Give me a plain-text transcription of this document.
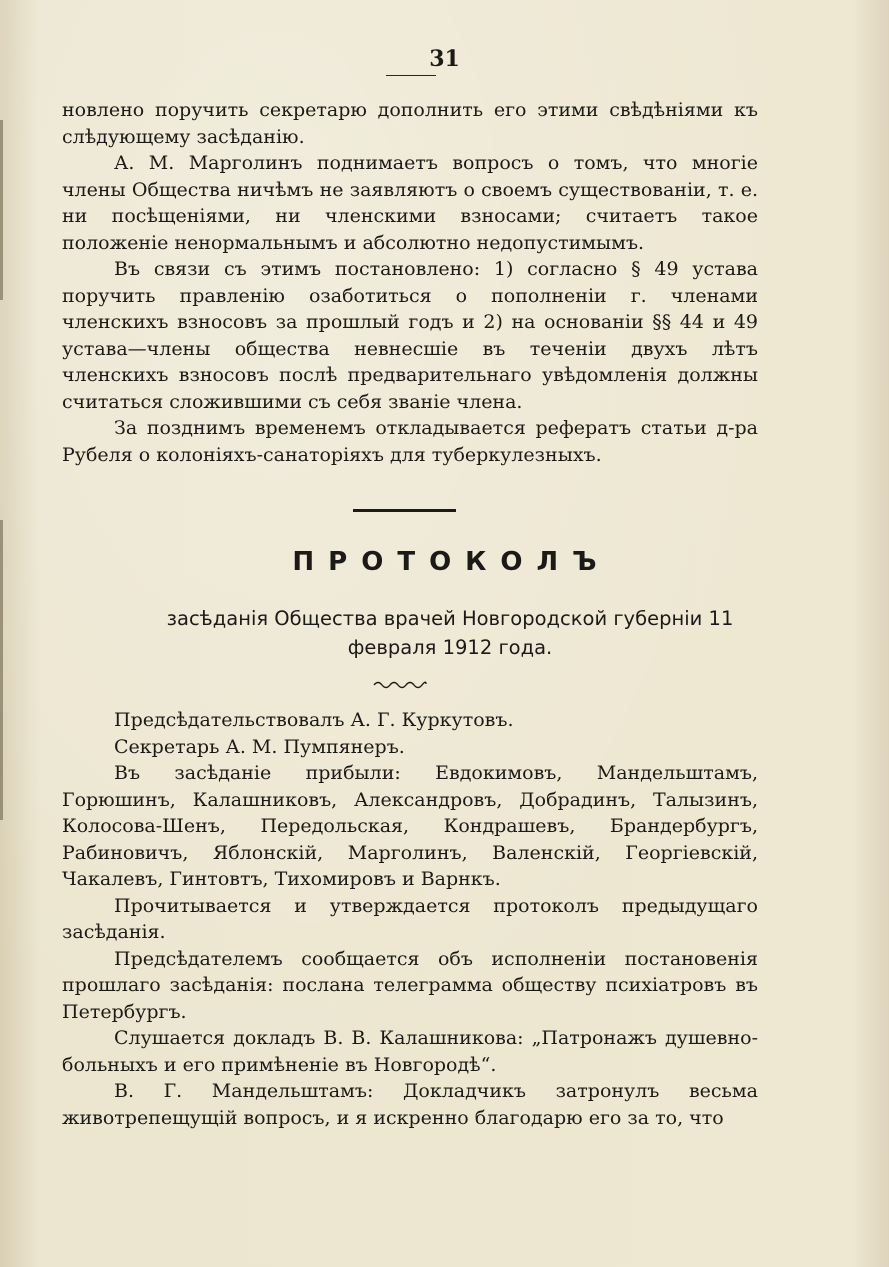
31

новлено поручить секретарю дополнить его этими свѣдѣніями къ слѣдующему засѣданію.

А. М. Марголинъ поднимаетъ вопросъ о томъ, что многіе члены Общества ничѣмъ не заявляютъ о своемъ существованіи, т. е. ни посѣщеніями, ни членскими взносами; считаетъ такое положеніе ненормальнымъ и абсолютно недопустимымъ.

Въ связи съ этимъ постановлено: 1) согласно § 49 устава поручить правленію озаботиться о пополненіи г. членами членскихъ взносовъ за прошлый годъ и 2) на основаніи §§ 44 и 49 устава—члены общества невнесшіе въ теченіи двухъ лѣтъ членскихъ взносовъ послѣ предварительнаго увѣдомленія должны считаться сложившими съ себя званіе члена.

За позднимъ временемъ откладывается рефератъ статьи д-ра Рубеля о колоніяхъ-санаторіяхъ для туберкулезныхъ.

ПРОТОКОЛЪ
засѣданія Общества врачей Новгородской губерніи 11 февраля 1912 года.

Предсѣдательствовалъ А. Г. Куркутовъ.

Секретарь А. М. Пумпянеръ.

Въ засѣданіе прибыли: Евдокимовъ, Мандельштамъ, Горюшинъ, Калашниковъ, Александровъ, Добрадинъ, Талызинъ, Колосова-Шенъ, Передольская, Кондрашевъ, Брандербургъ, Рабиновичъ, Яблонскій, Марголинъ, Валенскій, Георгіевскій, Чакалевъ, Гинтовтъ, Тихомировъ и Варнкъ.

Прочитывается и утверждается протоколъ предыдущаго засѣданія.

Предсѣдателемъ сообщается объ исполненіи постановенія прошлаго засѣданія: послана телеграмма обществу психіатровъ въ Петербургъ.

Слушается докладъ В. В. Калашникова: „Патронажъ душевно-больныхъ и его примѣненіе въ Новгородѣ“.

В. Г. Мандельштамъ: Докладчикъ затронулъ весьма животрепещущій вопросъ, и я искренно благодарю его за то, что
